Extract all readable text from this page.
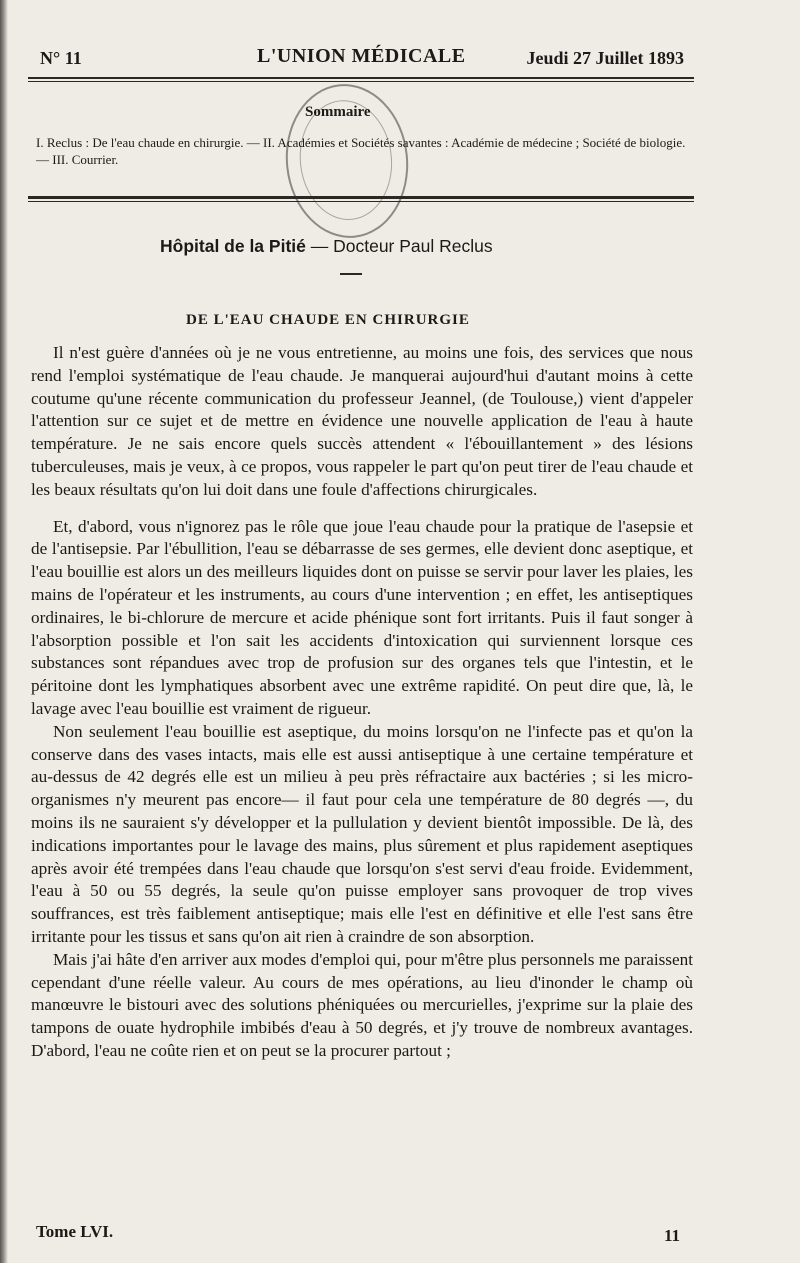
N° 11	L'UNION MÉDICALE	Jeudi 27 Juillet 1893
Sommaire
I. Reclus : De l'eau chaude en chirurgie. — II. Académies et Sociétés savantes : Académie de médecine ; Société de biologie. — III. Courrier.
Hôpital de la Pitié — Docteur Paul Reclus
DE L'EAU CHAUDE EN CHIRURGIE

Il n'est guère d'années où je ne vous entretienne, au moins une fois, des services que nous rend l'emploi systématique de l'eau chaude. Je manquerai aujourd'hui d'autant moins à cette coutume qu'une récente communication du professeur Jeannel, (de Toulouse,) vient d'appeler l'attention sur ce sujet et de mettre en évidence une nouvelle application de l'eau à haute température. Je ne sais encore quels succès attendent « l'ébouillantement » des lésions tuberculeuses, mais je veux, à ce propos, vous rappeler le part qu'on peut tirer de l'eau chaude et les beaux résultats qu'on lui doit dans une foule d'affections chirurgicales.

Et, d'abord, vous n'ignorez pas le rôle que joue l'eau chaude pour la pratique de l'asepsie et de l'antisepsie. Par l'ébullition, l'eau se débarrasse de ses germes, elle devient donc aseptique, et l'eau bouillie est alors un des meilleurs liquides dont on puisse se servir pour laver les plaies, les mains de l'opérateur et les instruments, au cours d'une intervention ; en effet, les antiseptiques ordinaires, le bi-chlorure de mercure et acide phénique sont fort irritants. Puis il faut songer à l'absorption possible et l'on sait les accidents d'intoxication qui surviennent lorsque ces substances sont répandues avec trop de profusion sur des organes tels que l'intestin, et le péritoine dont les lymphatiques absorbent avec une extrême rapidité. On peut dire que, là, le lavage avec l'eau bouillie est vraiment de rigueur.

Non seulement l'eau bouillie est aseptique, du moins lorsqu'on ne l'infecte pas et qu'on la conserve dans des vases intacts, mais elle est aussi antiseptique à une certaine température et au-dessus de 42 degrés elle est un milieu à peu près réfractaire aux bactéries ; si les micro-organismes n'y meurent pas encore— il faut pour cela une température de 80 degrés —, du moins ils ne sauraient s'y développer et la pullulation y devient bientôt impossible. De là, des indications importantes pour le lavage des mains, plus sûrement et plus rapidement aseptiques après avoir été trempées dans l'eau chaude que lorsqu'on s'est servi d'eau froide. Evidemment, l'eau à 50 ou 55 degrés, la seule qu'on puisse employer sans provoquer de trop vives souffrances, est très faiblement antiseptique; mais elle l'est en définitive et elle l'est sans être irritante pour les tissus et sans qu'on ait rien à craindre de son absorption.

Mais j'ai hâte d'en arriver aux modes d'emploi qui, pour m'être plus personnels me paraissent cependant d'une réelle valeur. Au cours de mes opérations, au lieu d'inonder le champ où manœuvre le bistouri avec des solutions phéniquées ou mercurielles, j'exprime sur la plaie des tampons de ouate hydrophile imbibés d'eau à 50 degrés, et j'y trouve de nombreux avantages. D'abord, l'eau ne coûte rien et on peut se la procurer partout ;

Tome LVI.	11
